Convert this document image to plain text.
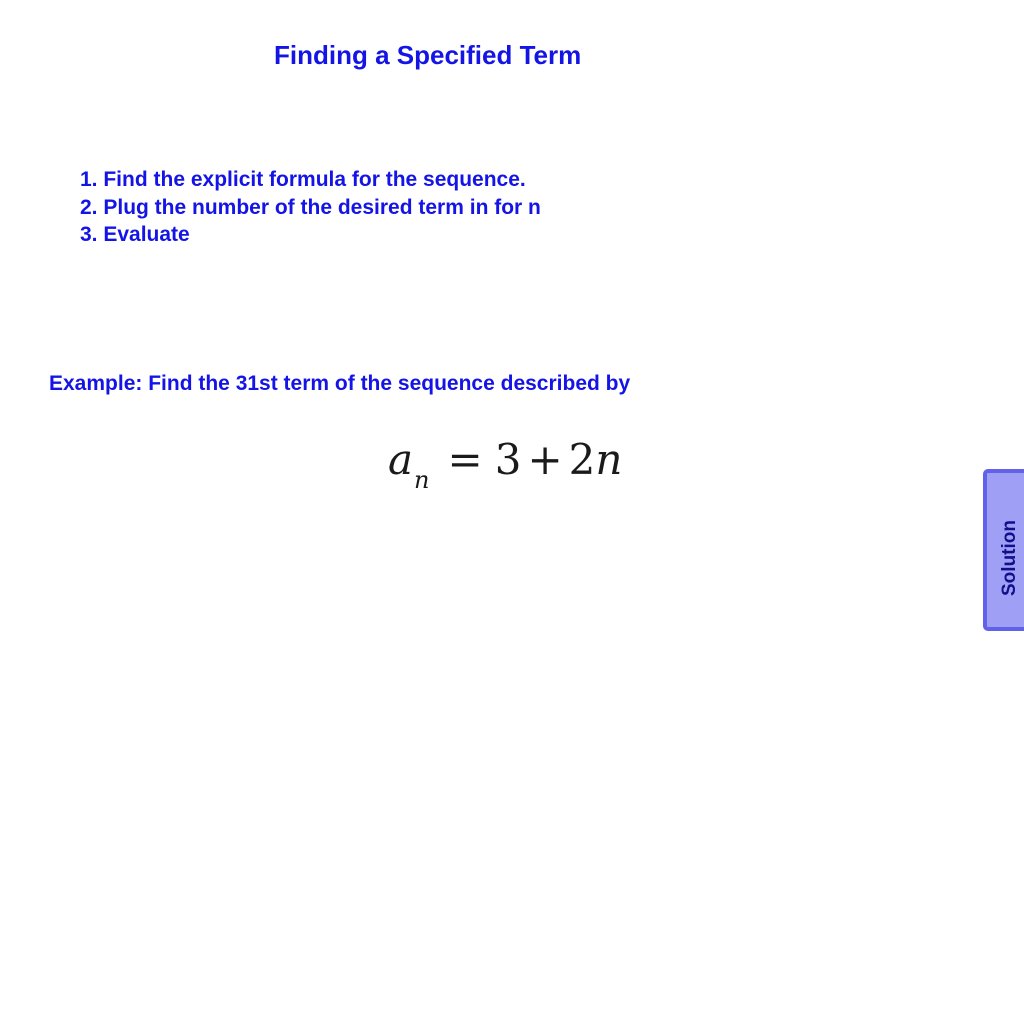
Finding a Specified Term
1. Find the explicit formula for the sequence.
2. Plug the number of the desired term in for n
3. Evaluate
Example: Find the 31st term of the sequence described by
$a_n = 3 + 2n$
Solution
